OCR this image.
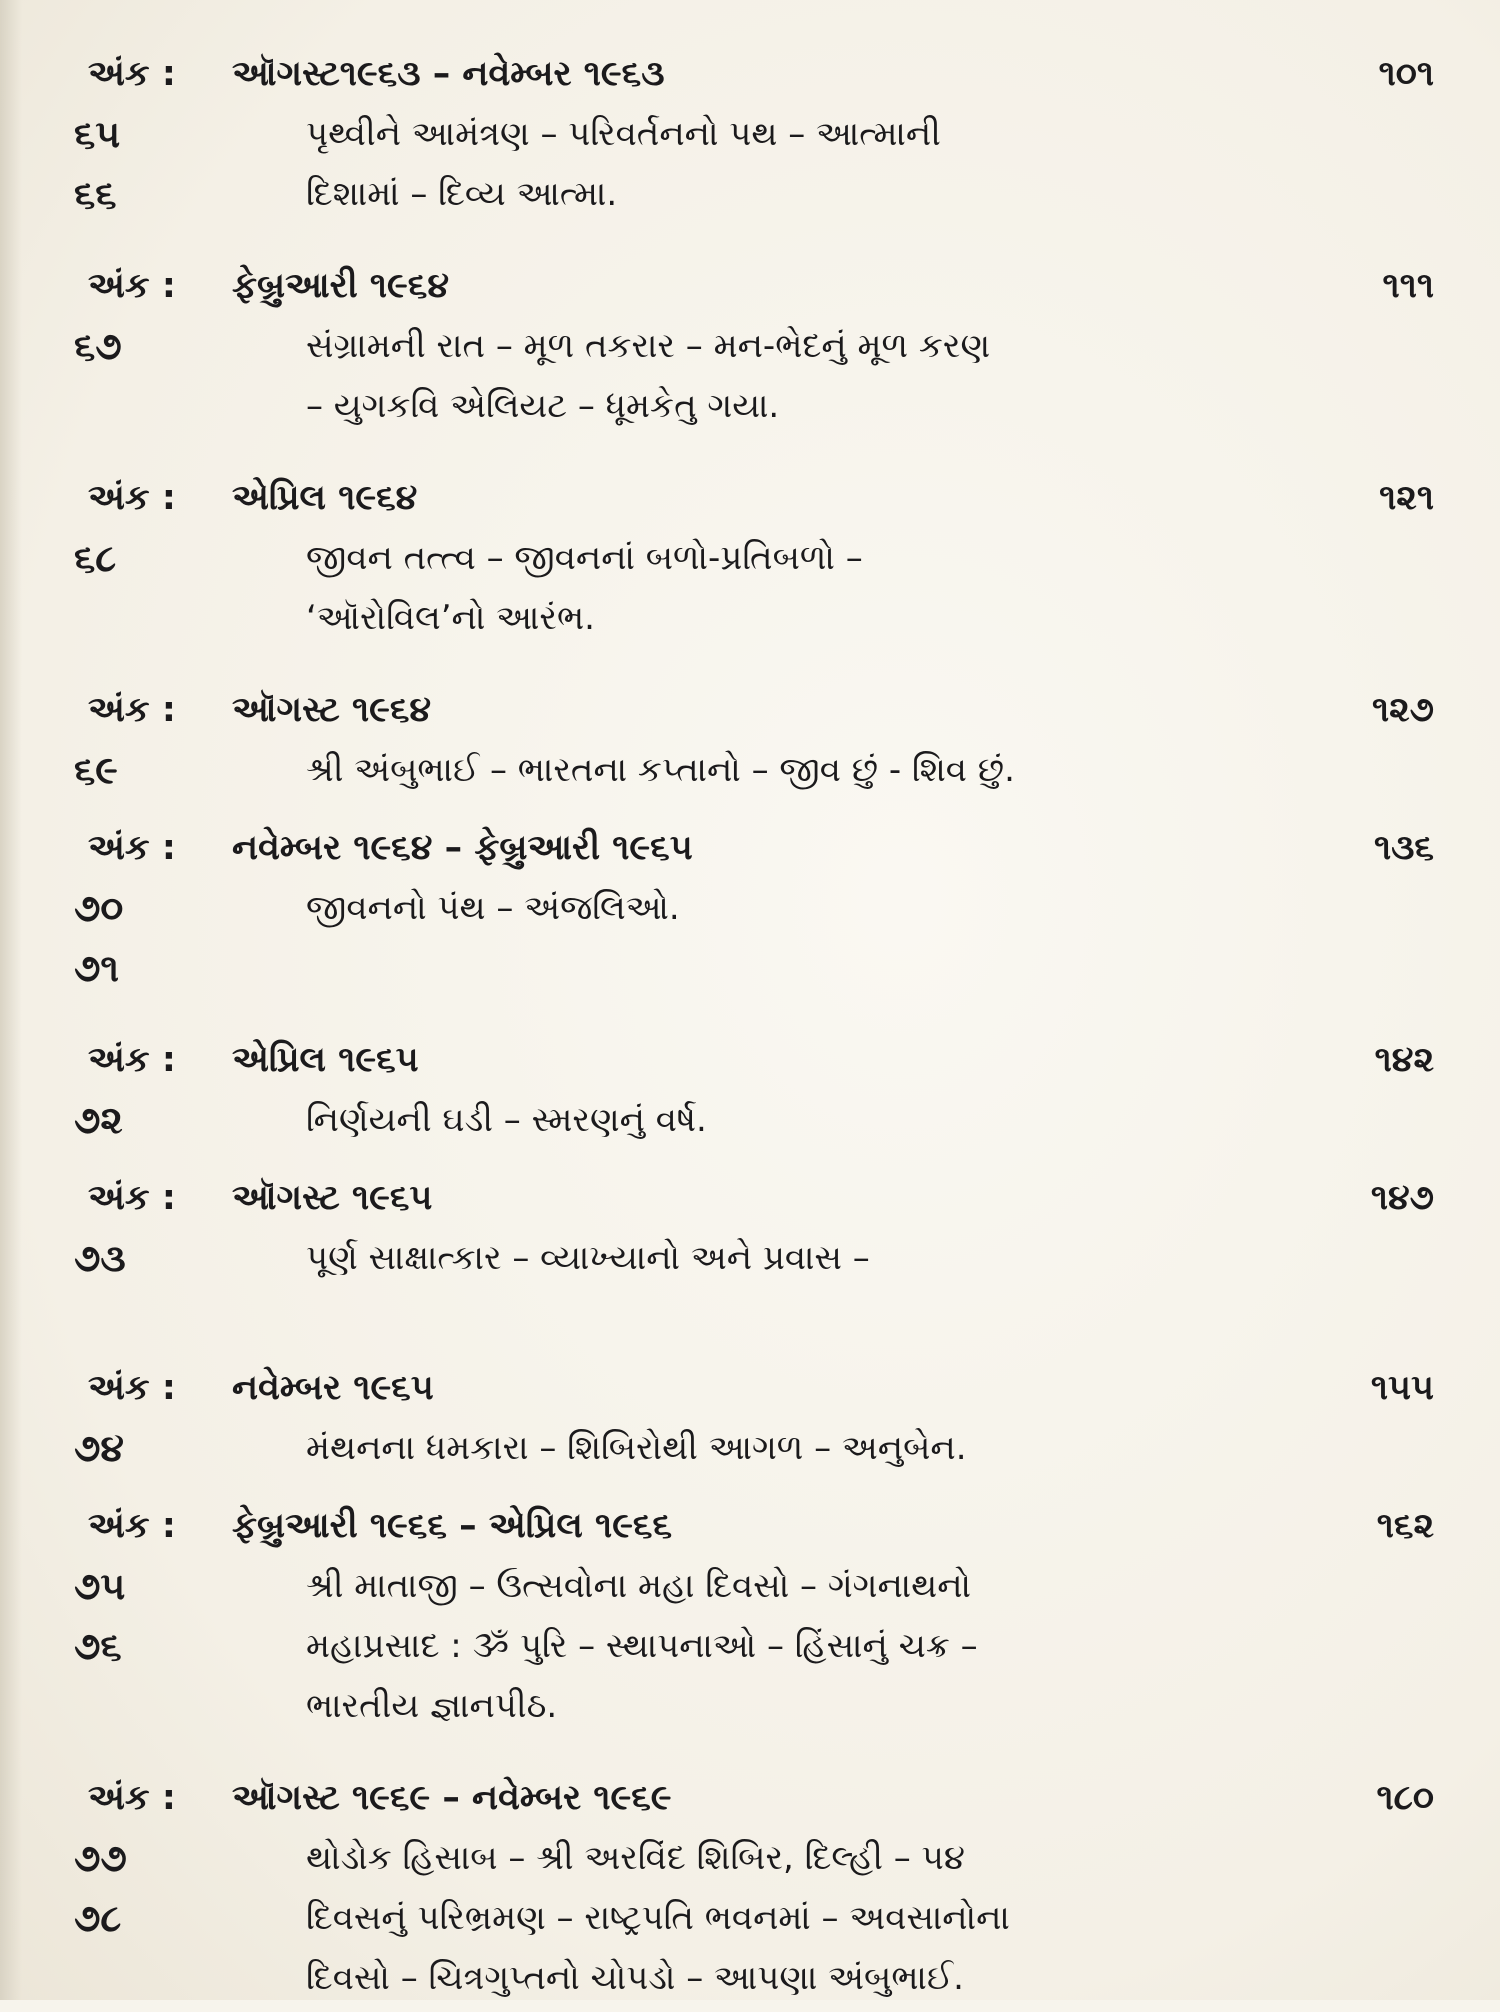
અંક : ઑગસ્ટ૧૯૬૩ – નવેમ્બર ૧૯૬૩	૧૦૧
૬૫	પૃથ્વીને આમંત્રણ – પરિવર્તનનો પથ – આત્માની
૬૬	દિશામાં – દિવ્ય આત્મા.
અંક : ફેબ્રુઆરી ૧૯૬૪	૧૧૧
૬૭	સંગ્રામની રાત – મૂળ તકરાર – મન-ભેદનું મૂળ કરણ
– યુગકવિ એલિયટ – ધૂમકેતુ ગયા.
અંક : એપ્રિલ ૧૯૬૪	૧૨૧
૬૮	જીવન તત્ત્વ – જીવનનાં બળો-પ્રતિબળો –
‘ઑરોવિલ’નો આરંભ.
અંક : ઑગસ્ટ ૧૯૬૪	૧૨૭
૬૯	શ્રી અંબુભાઈ – ભારતના કપ્તાનો – જીવ છું - શિવ છું.
અંક : નવેમ્બર ૧૯૬૪ – ફેબ્રુઆરી ૧૯૬૫	૧૩૬
૭૦	જીવનનો પંથ – અંજલિઓ.
૭૧
અંક : એપ્રિલ ૧૯૬૫	૧૪૨
૭૨	નિર્ણયની ઘડી – સ્મરણનું વર્ષ.
અંક : ઑગસ્ટ ૧૯૬૫	૧૪૭
૭૩	પૂર્ણ સાક્ષાત્કાર – વ્યાખ્યાનો અને પ્રવાસ –
અંક : નવેમ્બર ૧૯૬૫	૧૫૫
૭૪	મંથનના ધમકારા – શિબિરોથી આગળ – અનુબેન.
અંક : ફેબ્રુઆરી ૧૯૬૬ – એપ્રિલ ૧૯૬૬	૧૬૨
૭૫	શ્રી માતાજી – ઉત્સવોના મહા દિવસો – ગંગનાથનો
૭૬	મહાપ્રસાદ : ૐ પુરિ – સ્થાપનાઓ – હિંસાનું ચક્ર –
ભારતીય જ્ઞાનપીઠ.
અંક : ઑગસ્ટ ૧૯૬૯ – નવેમ્બર ૧૯૬૯	૧૮૦
૭૭	થોડોક હિસાબ – શ્રી અરવિંદ શિબિર, દિલ્હી – ૫૪
૭૮	દિવસનું પરિભ્રમણ – રાષ્ટ્રપતિ ભવનમાં – અવસાનોના
દિવસો – ચિત્રગુપ્તનો ચોપડો – આપણા અંબુભાઈ.
